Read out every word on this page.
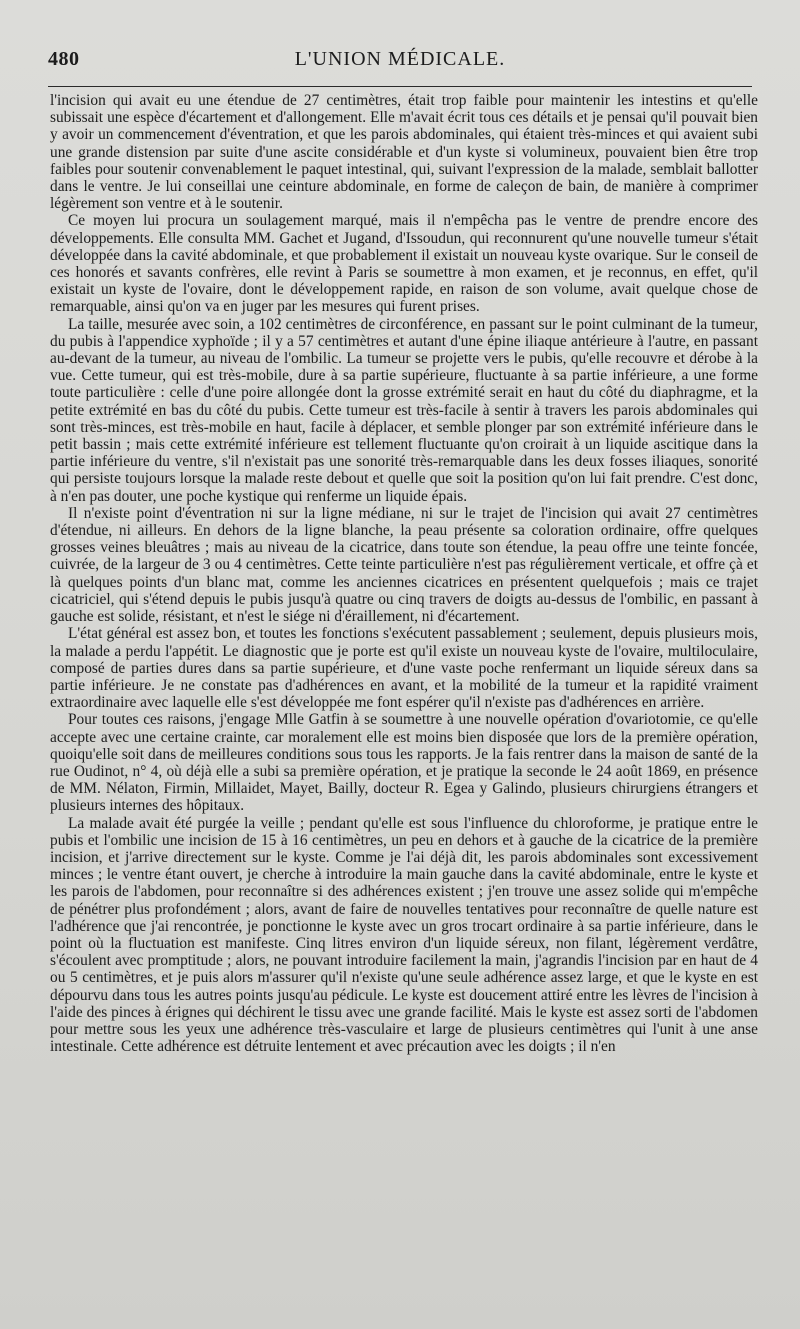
480	L'UNION MÉDICALE.

l'incision qui avait eu une étendue de 27 centimètres, était trop faible pour maintenir les intestins et qu'elle subissait une espèce d'écartement et d'allongement. Elle m'avait écrit tous ces détails et je pensai qu'il pouvait bien y avoir un commencement d'éventration, et que les parois abdominales, qui étaient très-minces et qui avaient subi une grande distension par suite d'une ascite considérable et d'un kyste si volumineux, pouvaient bien être trop faibles pour soutenir convenablement le paquet intestinal, qui, suivant l'expression de la malade, semblait ballotter dans le ventre. Je lui conseillai une ceinture abdominale, en forme de caleçon de bain, de manière à comprimer légèrement son ventre et à le soutenir.

Ce moyen lui procura un soulagement marqué, mais il n'empêcha pas le ventre de prendre encore des développements. Elle consulta MM. Gachet et Jugand, d'Issoudun, qui reconnurent qu'une nouvelle tumeur s'était développée dans la cavité abdominale, et que probablement il existait un nouveau kyste ovarique. Sur le conseil de ces honorés et savants confrères, elle revint à Paris se soumettre à mon examen, et je reconnus, en effet, qu'il existait un kyste de l'ovaire, dont le développement rapide, en raison de son volume, avait quelque chose de remarquable, ainsi qu'on va en juger par les mesures qui furent prises.

La taille, mesurée avec soin, a 102 centimètres de circonférence, en passant sur le point culminant de la tumeur, du pubis à l'appendice xyphoïde ; il y a 57 centimètres et autant d'une épine iliaque antérieure à l'autre, en passant au-devant de la tumeur, au niveau de l'ombilic. La tumeur se projette vers le pubis, qu'elle recouvre et dérobe à la vue. Cette tumeur, qui est très-mobile, dure à sa partie supérieure, fluctuante à sa partie inférieure, a une forme toute particulière : celle d'une poire allongée dont la grosse extrémité serait en haut du côté du diaphragme, et la petite extrémité en bas du côté du pubis. Cette tumeur est très-facile à sentir à travers les parois abdominales qui sont très-minces, est très-mobile en haut, facile à déplacer, et semble plonger par son extrémité inférieure dans le petit bassin ; mais cette extrémité inférieure est tellement fluctuante qu'on croirait à un liquide ascitique dans la partie inférieure du ventre, s'il n'existait pas une sonorité très-remarquable dans les deux fosses iliaques, sonorité qui persiste toujours lorsque la malade reste debout et quelle que soit la position qu'on lui fait prendre. C'est donc, à n'en pas douter, une poche kystique qui renferme un liquide épais.

Il n'existe point d'éventration ni sur la ligne médiane, ni sur le trajet de l'incision qui avait 27 centimètres d'étendue, ni ailleurs. En dehors de la ligne blanche, la peau présente sa coloration ordinaire, offre quelques grosses veines bleuâtres ; mais au niveau de la cicatrice, dans toute son étendue, la peau offre une teinte foncée, cuivrée, de la largeur de 3 ou 4 centimètres. Cette teinte particulière n'est pas régulièrement verticale, et offre çà et là quelques points d'un blanc mat, comme les anciennes cicatrices en présentent quelquefois ; mais ce trajet cicatriciel, qui s'étend depuis le pubis jusqu'à quatre ou cinq travers de doigts au-dessus de l'ombilic, en passant à gauche est solide, résistant, et n'est le siége ni d'éraillement, ni d'écartement.

L'état général est assez bon, et toutes les fonctions s'exécutent passablement ; seulement, depuis plusieurs mois, la malade a perdu l'appétit. Le diagnostic que je porte est qu'il existe un nouveau kyste de l'ovaire, multiloculaire, composé de parties dures dans sa partie supérieure, et d'une vaste poche renfermant un liquide séreux dans sa partie inférieure. Je ne constate pas d'adhérences en avant, et la mobilité de la tumeur et la rapidité vraiment extraordinaire avec laquelle elle s'est développée me font espérer qu'il n'existe pas d'adhérences en arrière.

Pour toutes ces raisons, j'engage Mlle Gatfin à se soumettre à une nouvelle opération d'ovariotomie, ce qu'elle accepte avec une certaine crainte, car moralement elle est moins bien disposée que lors de la première opération, quoiqu'elle soit dans de meilleures conditions sous tous les rapports. Je la fais rentrer dans la maison de santé de la rue Oudinot, n° 4, où déjà elle a subi sa première opération, et je pratique la seconde le 24 août 1869, en présence de MM. Nélaton, Firmin, Millaidet, Mayet, Bailly, docteur R. Egea y Galindo, plusieurs chirurgiens étrangers et plusieurs internes des hôpitaux.

La malade avait été purgée la veille ; pendant qu'elle est sous l'influence du chloroforme, je pratique entre le pubis et l'ombilic une incision de 15 à 16 centimètres, un peu en dehors et à gauche de la cicatrice de la première incision, et j'arrive directement sur le kyste. Comme je l'ai déjà dit, les parois abdominales sont excessivement minces ; le ventre étant ouvert, je cherche à introduire la main gauche dans la cavité abdominale, entre le kyste et les parois de l'abdomen, pour reconnaître si des adhérences existent ; j'en trouve une assez solide qui m'empêche de pénétrer plus profondément ; alors, avant de faire de nouvelles tentatives pour reconnaître de quelle nature est l'adhérence que j'ai rencontrée, je ponctionne le kyste avec un gros trocart ordinaire à sa partie inférieure, dans le point où la fluctuation est manifeste. Cinq litres environ d'un liquide séreux, non filant, légèrement verdâtre, s'écoulent avec promptitude ; alors, ne pouvant introduire facilement la main, j'agrandis l'incision par en haut de 4 ou 5 centimètres, et je puis alors m'assurer qu'il n'existe qu'une seule adhérence assez large, et que le kyste en est dépourvu dans tous les autres points jusqu'au pédicule. Le kyste est doucement attiré entre les lèvres de l'incision à l'aide des pinces à érignes qui déchirent le tissu avec une grande facilité. Mais le kyste est assez sorti de l'abdomen pour mettre sous les yeux une adhérence très-vasculaire et large de plusieurs centimètres qui l'unit à une anse intestinale. Cette adhérence est détruite lentement et avec précaution avec les doigts ; il n'en
